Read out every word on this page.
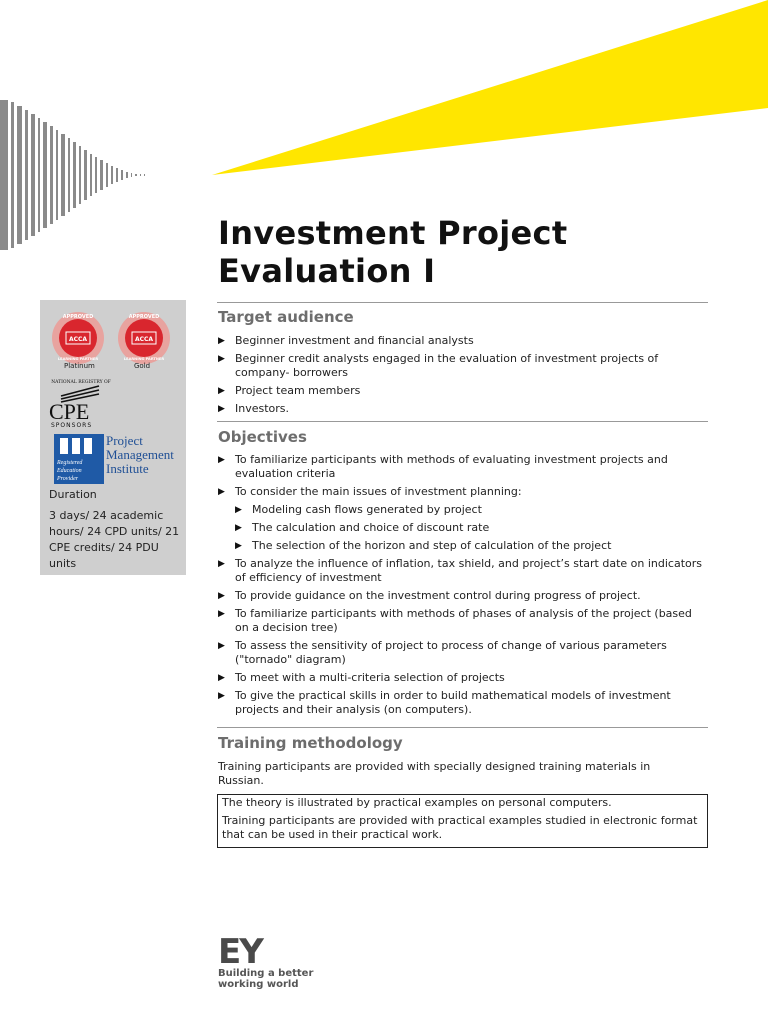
Investment Project
Evaluation I
ACCA
APPROVED
LEARNING PARTNER
ACCA
APPROVED
LEARNING PARTNER
Platinum	Gold
NATIONAL REGISTRY OF
CPE
SPONSORS
Registered
Education
Provider
Project
Management
Institute
Duration
3 days/ 24 academic hours/ 24 CPD units/ 21 CPE credits/ 24 PDU units
Target audience
▶ Beginner investment and financial analysts
▶ Beginner credit analysts engaged in the evaluation of investment projects of company- borrowers
▶ Project team members
▶ Investors.
Objectives
▶ To familiarize participants with methods of evaluating investment projects and evaluation criteria
▶ To consider the main issues of investment planning:
▶ Modeling cash flows generated by project
▶ The calculation and choice of discount rate
▶ The selection of the horizon and step of calculation of the project
▶ To analyze the influence of inflation, tax shield, and project’s start date on indicators of efficiency of investment
▶ To provide guidance on the investment control during progress of project.
▶ To familiarize participants with methods of phases of analysis of the project (based on a decision tree)
▶ To assess the sensitivity of project to process of change of various parameters ("tornado" diagram)
▶ To meet with a multi-criteria selection of projects
▶ To give the practical skills in order to build mathematical models of investment projects and their analysis (on computers).
Training methodology

Training participants are provided with specially designed training materials in Russian.

The theory is illustrated by practical examples on personal computers.

Training participants are provided with practical examples studied in electronic format that can be used in their practical work.

EY
Building a better working world
